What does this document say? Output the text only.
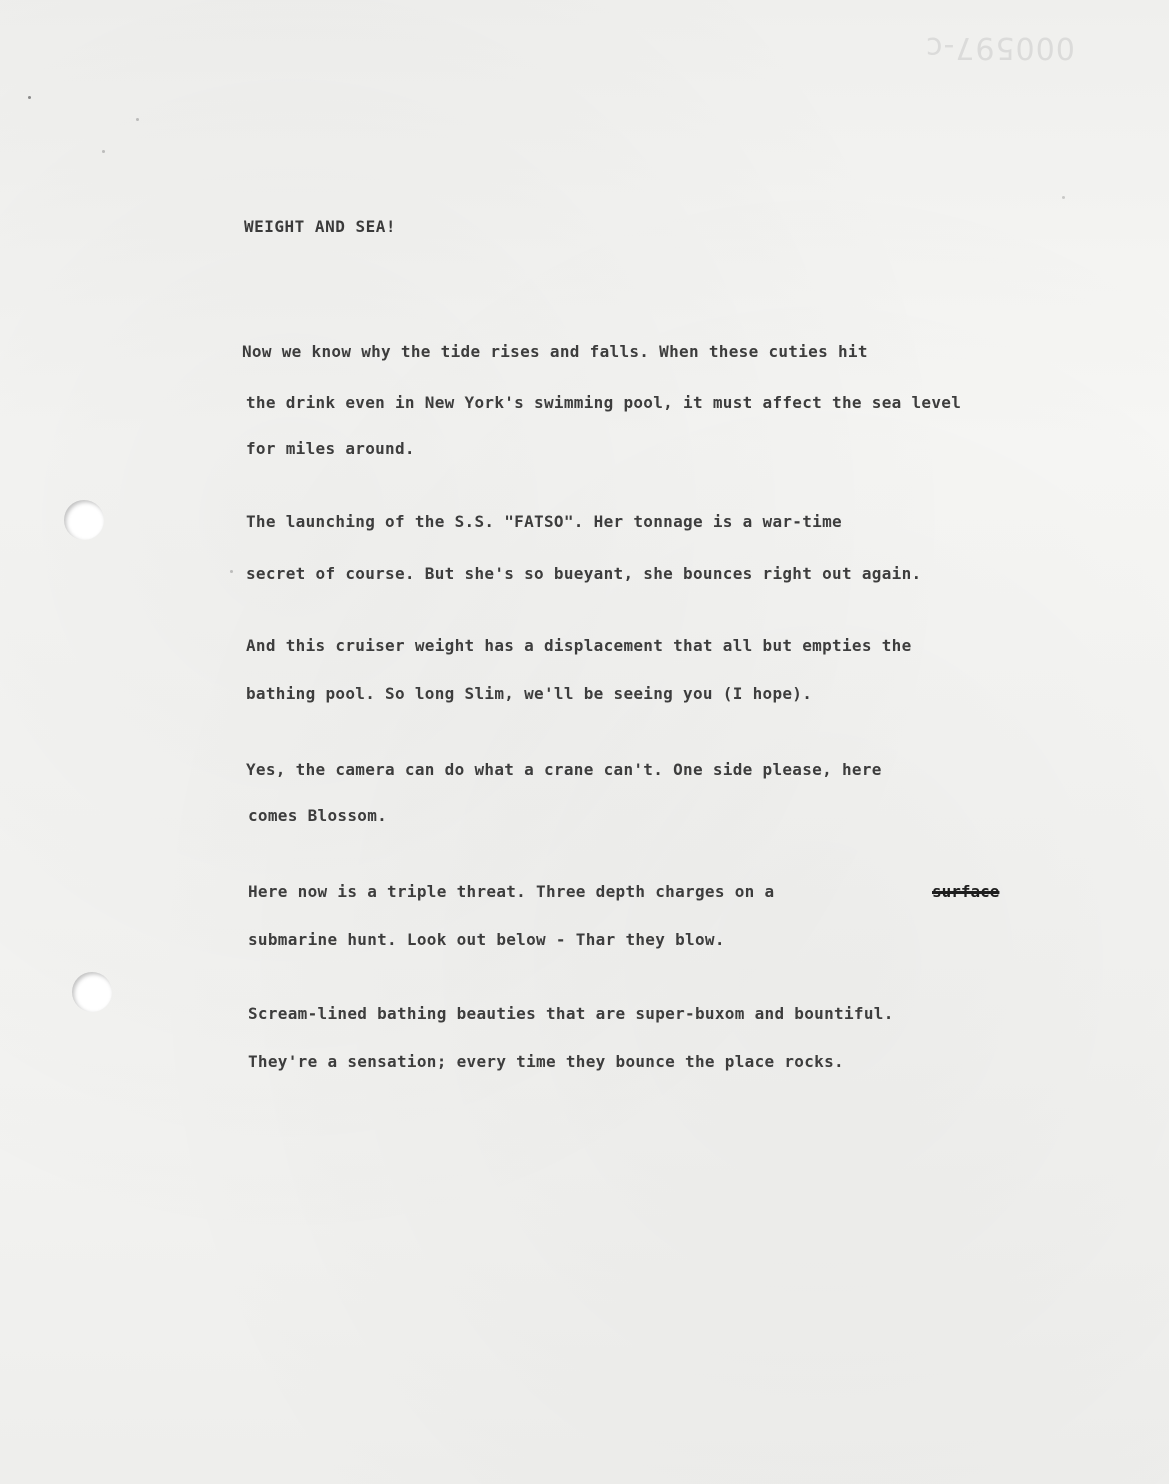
000597-c
WEIGHT AND SEA!
Now we know why the tide rises and falls. When these cuties hit
the drink even in New York's swimming pool, it must affect the sea level
for miles around.
The launching of the S.S. "FATSO". Her tonnage is a war-time
secret of course. But she's so bueyant, she bounces right out again.
And this cruiser weight has a displacement that all but empties the
bathing pool. So long Slim, we'll be seeing you (I hope).
Yes, the camera can do what a crane can't. One side please, here
comes Blossom.
Here now is a triple threat. Three depth charges on a	surface
submarine hunt. Look out below - Thar they blow.
Scream-lined bathing beauties that are super-buxom and bountiful.
They're a sensation; every time they bounce the place rocks.
